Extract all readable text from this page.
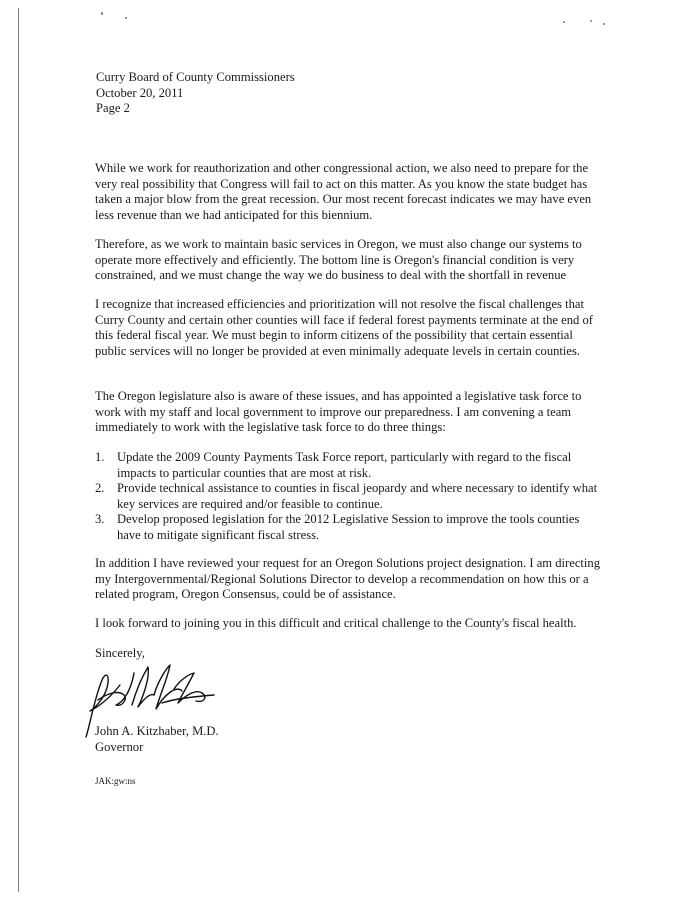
Curry Board of County Commissioners
October 20, 2011
Page 2

While we work for reauthorization and other congressional action, we also need to prepare for the very real possibility that Congress will fail to act on this matter. As you know the state budget has taken a major blow from the great recession. Our most recent forecast indicates we may have even less revenue than we had anticipated for this biennium.

Therefore, as we work to maintain basic services in Oregon, we must also change our systems to operate more effectively and efficiently. The bottom line is Oregon's financial condition is very constrained, and we must change the way we do business to deal with the shortfall in revenue

I recognize that increased efficiencies and prioritization will not resolve the fiscal challenges that Curry County and certain other counties will face if federal forest payments terminate at the end of this federal fiscal year. We must begin to inform citizens of the possibility that certain essential public services will no longer be provided at even minimally adequate levels in certain counties.

The Oregon legislature also is aware of these issues, and has appointed a legislative task force to work with my staff and local government to improve our preparedness. I am convening a team immediately to work with the legislative task force to do three things:

1. Update the 2009 County Payments Task Force report, particularly with regard to the fiscal impacts to particular counties that are most at risk.
2. Provide technical assistance to counties in fiscal jeopardy and where necessary to identify what key services are required and/or feasible to continue.
3. Develop proposed legislation for the 2012 Legislative Session to improve the tools counties have to mitigate significant fiscal stress.

In addition I have reviewed your request for an Oregon Solutions project designation. I am directing my Intergovernmental/Regional Solutions Director to develop a recommendation on how this or a related program, Oregon Consensus, could be of assistance.

I look forward to joining you in this difficult and critical challenge to the County's fiscal health.

Sincerely,
John A. Kitzhaber, M.D.
Governor
JAK:gw:ns
